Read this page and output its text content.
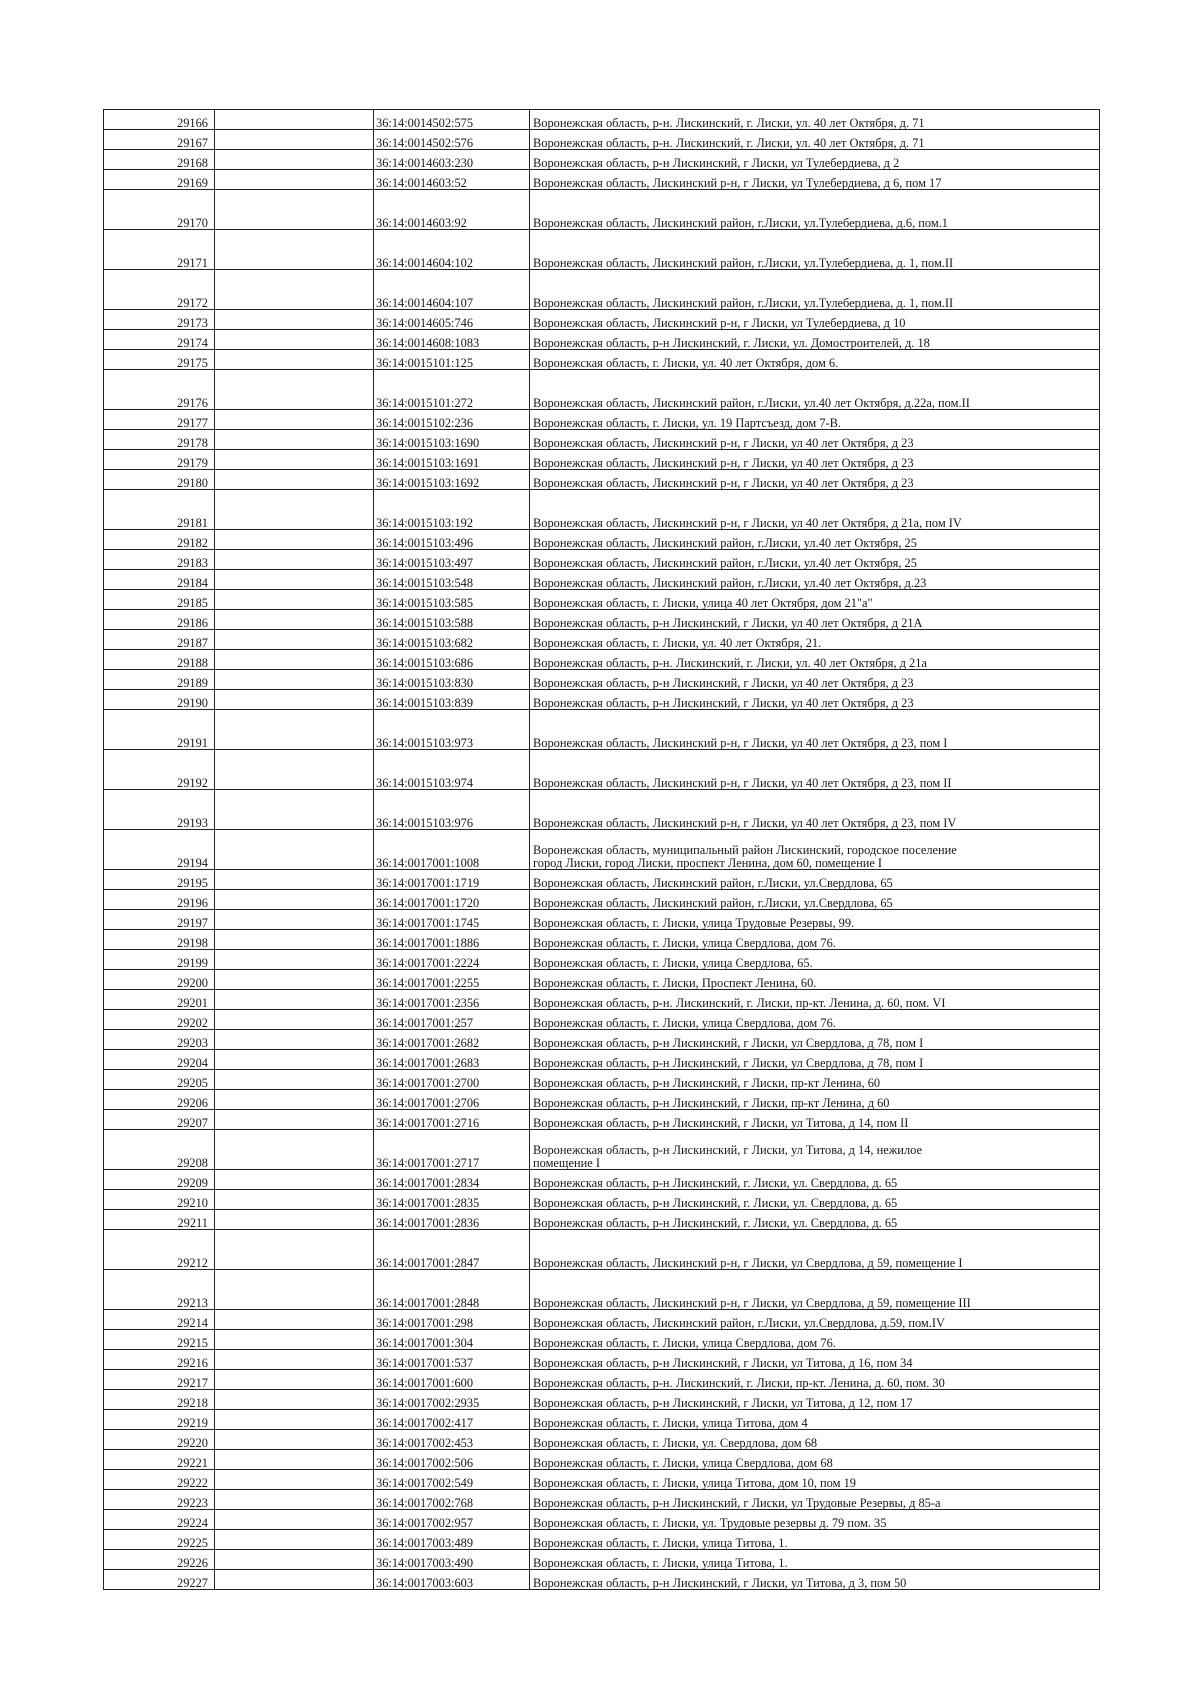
29166		36:14:0014502:575	Воронежская область, р-н. Лискинский, г. Лиски, ул. 40 лет Октября, д. 71

29167		36:14:0014502:576	Воронежская область, р-н. Лискинский, г. Лиски, ул. 40 лет Октября, д. 71

29168		36:14:0014603:230	Воронежская область, р-н Лискинский, г Лиски, ул Тулебердиева, д 2

29169		36:14:0014603:52	Воронежская область, Лискинский р-н, г Лиски, ул Тулебердиева, д 6, пом 17

29170		36:14:0014603:92	Воронежская область, Лискинский район, г.Лиски, ул.Тулебердиева, д.6, пом.1

29171		36:14:0014604:102	Воронежская область, Лискинский район, г.Лиски, ул.Тулебердиева, д. 1, пом.II

29172		36:14:0014604:107	Воронежская область, Лискинский район, г.Лиски, ул.Тулебердиева, д. 1, пом.II

29173		36:14:0014605:746	Воронежская область, Лискинский р-н, г Лиски, ул Тулебердиева, д 10

29174		36:14:0014608:1083	Воронежская область, р-н Лискинский, г. Лиски, ул. Домостроителей, д. 18

29175		36:14:0015101:125	Воронежская область, г. Лиски, ул. 40 лет Октября, дом 6.

29176		36:14:0015101:272	Воронежская область, Лискинский район, г.Лиски, ул.40 лет Октября, д.22а, пом.II

29177		36:14:0015102:236	Воронежская область, г. Лиски, ул. 19 Партсъезд, дом 7-В.

29178		36:14:0015103:1690	Воронежская область, Лискинский р-н, г Лиски, ул 40 лет Октября, д 23

29179		36:14:0015103:1691	Воронежская область, Лискинский р-н, г Лиски, ул 40 лет Октября, д 23

29180		36:14:0015103:1692	Воронежская область, Лискинский р-н, г Лиски, ул 40 лет Октября, д 23

29181		36:14:0015103:192	Воронежская область, Лискинский р-н, г Лиски, ул 40 лет Октября, д 21а, пом IV

29182		36:14:0015103:496	Воронежская область, Лискинский район, г.Лиски, ул.40 лет Октября, 25

29183		36:14:0015103:497	Воронежская область, Лискинский район, г.Лиски, ул.40 лет Октября, 25

29184		36:14:0015103:548	Воронежская область, Лискинский район, г.Лиски, ул.40 лет Октября, д.23

29185		36:14:0015103:585	Воронежская область, г. Лиски, улица 40 лет Октября, дом 21"а"

29186		36:14:0015103:588	Воронежская область, р-н Лискинский, г Лиски, ул 40 лет Октября, д 21А

29187		36:14:0015103:682	Воронежская область, г. Лиски, ул. 40 лет Октября, 21.

29188		36:14:0015103:686	Воронежская область, р-н. Лискинский, г. Лиски, ул. 40 лет Октября, д 21а

29189		36:14:0015103:830	Воронежская область, р-н Лискинский, г Лиски, ул 40 лет Октября, д 23

29190		36:14:0015103:839	Воронежская область, р-н Лискинский, г Лиски, ул 40 лет Октября, д 23

29191		36:14:0015103:973	Воронежская область, Лискинский р-н, г Лиски, ул 40 лет Октября, д 23, пом I

29192		36:14:0015103:974	Воронежская область, Лискинский р-н, г Лиски, ул 40 лет Октября, д 23, пом II

29193		36:14:0015103:976	Воронежская область, Лискинский р-н, г Лиски, ул 40 лет Октября, д 23, пом IV

29194		36:14:0017001:1008	Воронежская область, муниципальный район Лискинский, городское поселение
город Лиски, город Лиски, проспект Ленина, дом 60, помещение I

29195		36:14:0017001:1719	Воронежская область, Лискинский район, г.Лиски, ул.Свердлова, 65

29196		36:14:0017001:1720	Воронежская область, Лискинский район, г.Лиски, ул.Свердлова, 65

29197		36:14:0017001:1745	Воронежская область, г. Лиски, улица Трудовые Резервы, 99.

29198		36:14:0017001:1886	Воронежская область, г. Лиски, улица Свердлова, дом 76.

29199		36:14:0017001:2224	Воронежская область, г. Лиски, улица Свердлова, 65.

29200		36:14:0017001:2255	Воронежская область, г. Лиски, Проспект Ленина, 60.

29201		36:14:0017001:2356	Воронежская область, р-н. Лискинский, г. Лиски, пр-кт. Ленина, д. 60, пом. VI

29202		36:14:0017001:257	Воронежская область, г. Лиски, улица Свердлова, дом 76.

29203		36:14:0017001:2682	Воронежская область, р-н Лискинский, г Лиски, ул Свердлова, д 78, пом I

29204		36:14:0017001:2683	Воронежская область, р-н Лискинский, г Лиски, ул Свердлова, д 78, пом I

29205		36:14:0017001:2700	Воронежская область, р-н Лискинский, г Лиски, пр-кт Ленина, 60

29206		36:14:0017001:2706	Воронежская область, р-н Лискинский, г Лиски, пр-кт Ленина, д 60

29207		36:14:0017001:2716	Воронежская область, р-н Лискинский, г Лиски, ул Титова, д 14, пом II

29208		36:14:0017001:2717	Воронежская область, р-н Лискинский, г Лиски, ул Титова, д 14, нежилое
помещение I

29209		36:14:0017001:2834	Воронежская область, р-н Лискинский, г. Лиски, ул. Свердлова, д. 65

29210		36:14:0017001:2835	Воронежская область, р-н Лискинский, г. Лиски, ул. Свердлова, д. 65

29211		36:14:0017001:2836	Воронежская область, р-н Лискинский, г. Лиски, ул. Свердлова, д. 65

29212		36:14:0017001:2847	Воронежская область, Лискинский р-н, г Лиски, ул Свердлова, д 59, помещение I

29213		36:14:0017001:2848	Воронежская область, Лискинский р-н, г Лиски, ул Свердлова, д 59, помещение III

29214		36:14:0017001:298	Воронежская область, Лискинский район, г.Лиски, ул.Свердлова, д.59, пом.IV

29215		36:14:0017001:304	Воронежская область, г. Лиски, улица Свердлова, дом 76.

29216		36:14:0017001:537	Воронежская область, р-н Лискинский, г Лиски, ул Титова, д 16, пом 34

29217		36:14:0017001:600	Воронежская область, р-н. Лискинский, г. Лиски, пр-кт. Ленина, д. 60, пом. 30

29218		36:14:0017002:2935	Воронежская область, р-н Лискинский, г Лиски, ул Титова, д 12, пом 17

29219		36:14:0017002:417	Воронежская область, г. Лиски, улица Титова, дом 4

29220		36:14:0017002:453	Воронежская область, г. Лиски, ул. Свердлова, дом 68

29221		36:14:0017002:506	Воронежская область, г. Лиски, улица Свердлова, дом 68

29222		36:14:0017002:549	Воронежская область, г. Лиски, улица Титова, дом 10, пом 19

29223		36:14:0017002:768	Воронежская область, р-н Лискинский, г Лиски, ул Трудовые Резервы, д 85-а

29224		36:14:0017002:957	Воронежская область, г. Лиски, ул. Трудовые резервы д. 79 пом. 35

29225		36:14:0017003:489	Воронежская область, г. Лиски, улица Титова, 1.

29226		36:14:0017003:490	Воронежская область, г. Лиски, улица Титова, 1.

29227		36:14:0017003:603	Воронежская область, р-н Лискинский, г Лиски, ул Титова, д 3, пом 50
